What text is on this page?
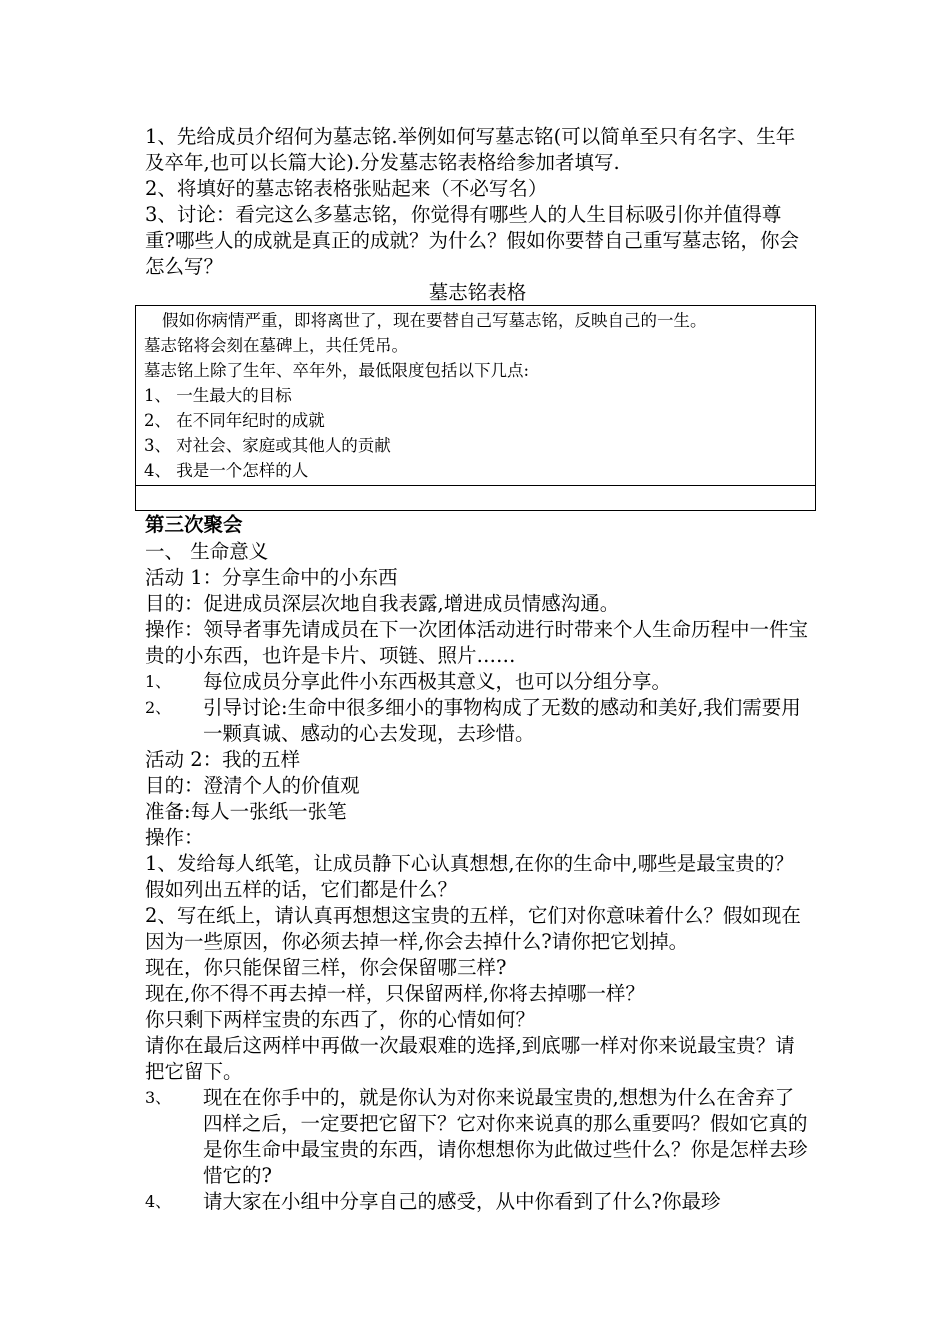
1、先给成员介绍何为墓志铭.举例如何写墓志铭(可以简单至只有名字、生年及卒年,也可以长篇大论).分发墓志铭表格给参加者填写.

2、将填好的墓志铭表格张贴起来（不必写名）

3、讨论：看完这么多墓志铭，你觉得有哪些人的人生目标吸引你并值得尊重?哪些人的成就是真正的成就？为什么？假如你要替自己重写墓志铭，你会怎么写？

墓志铭表格

假如你病情严重，即将离世了，现在要替自己写墓志铭，反映自己的一生。

墓志铭将会刻在墓碑上，共任凭吊。

墓志铭上除了生年、卒年外，最低限度包括以下几点:

1、 一生最大的目标

2、 在不同年纪时的成就

3、 对社会、家庭或其他人的贡献

4、 我是一个怎样的人

第三次聚会

一、 生命意义

活动 1：分享生命中的小东西

目的：促进成员深层次地自我表露,增进成员情感沟通。

操作：领导者事先请成员在下一次团体活动进行时带来个人生命历程中一件宝贵的小东西，也许是卡片、项链、照片……

1、	每位成员分享此件小东西极其意义，也可以分组分享。

2、	引导讨论:生命中很多细小的事物构成了无数的感动和美好,我们需要用一颗真诚、感动的心去发现，去珍惜。

活动 2：我的五样

目的：澄清个人的价值观

准备:每人一张纸一张笔

操作：

1、发给每人纸笔，让成员静下心认真想想,在你的生命中,哪些是最宝贵的？假如列出五样的话，它们都是什么？

2、写在纸上，请认真再想想这宝贵的五样，它们对你意味着什么？假如现在因为一些原因，你必须去掉一样,你会去掉什么?请你把它划掉。

现在，你只能保留三样，你会保留哪三样?

现在,你不得不再去掉一样，只保留两样,你将去掉哪一样？

你只剩下两样宝贵的东西了，你的心情如何？

请你在最后这两样中再做一次最艰难的选择,到底哪一样对你来说最宝贵？请把它留下。

3、	现在在你手中的，就是你认为对你来说最宝贵的,想想为什么在舍弃了四样之后，一定要把它留下？它对你来说真的那么重要吗？假如它真的是你生命中最宝贵的东西，请你想想你为此做过些什么？你是怎样去珍惜它的?

4、	请大家在小组中分享自己的感受，从中你看到了什么?你最珍
